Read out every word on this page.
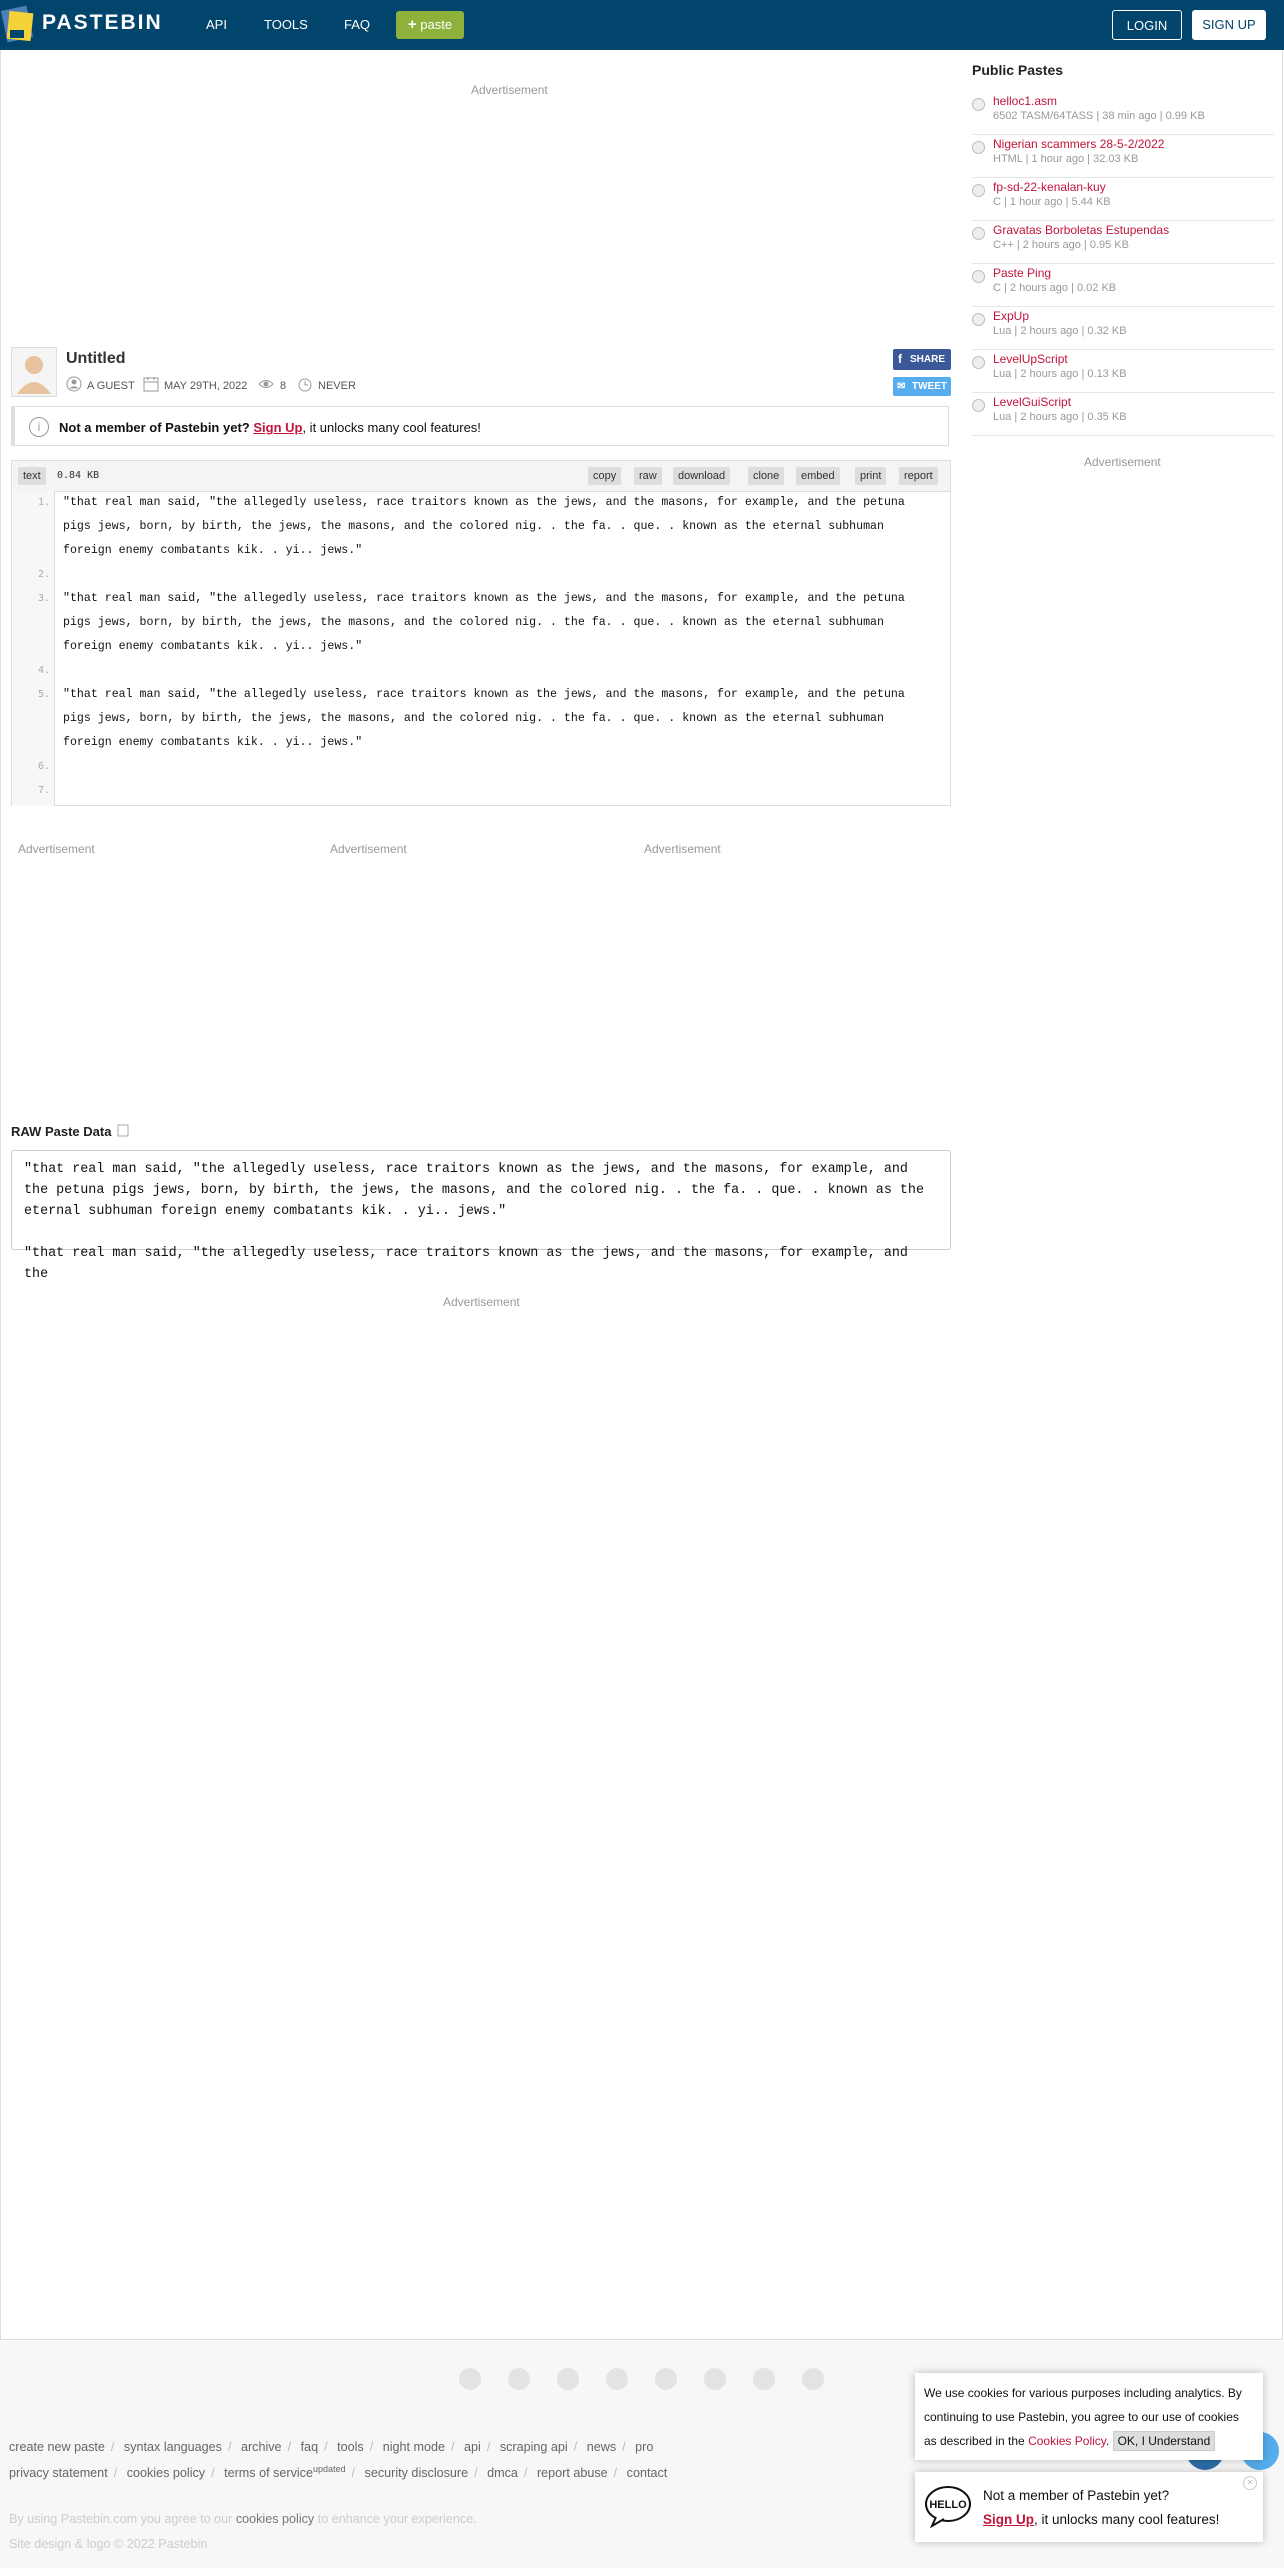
PASTEBIN	API	TOOLS	FAQ	+ paste	LOGIN	SIGN UP
Advertisement
Untitled
A GUEST	MAY 29TH, 2022	8	NEVER
f SHARE
✉ TWEET
i	Not a member of Pastebin yet? Sign Up, it unlocks many cool features!
text	0.84 KB	copy	raw	download	clone	embed	print	report
1. "that real man said, "the allegedly useless, race traitors known as the jews, and the masons, for example, and the petuna
pigs jews, born, by birth, the jews, the masons, and the colored nig. . the fa. . que. . known as the eternal subhuman
foreign enemy combatants kik. . yi.. jews."
2.
3. "that real man said, "the allegedly useless, race traitors known as the jews, and the masons, for example, and the petuna
pigs jews, born, by birth, the jews, the masons, and the colored nig. . the fa. . que. . known as the eternal subhuman
foreign enemy combatants kik. . yi.. jews."
4.
5. "that real man said, "the allegedly useless, race traitors known as the jews, and the masons, for example, and the petuna
pigs jews, born, by birth, the jews, the masons, and the colored nig. . the fa. . que. . known as the eternal subhuman
foreign enemy combatants kik. . yi.. jews."
6.
7.
Advertisement	Advertisement	Advertisement
RAW Paste Data
"that real man said, "the allegedly useless, race traitors known as the jews, and the masons, for example, and the petuna pigs jews, born, by birth, the jews, the masons, and the colored nig. . the fa. . que. . known as the eternal subhuman foreign enemy combatants kik. . yi.. jews."

"that real man said, "the allegedly useless, race traitors known as the jews, and the masons, for example, and the
Advertisement
Public Pastes
helloc1.asm
6502 TASM/64TASS | 38 min ago | 0.99 KB
Nigerian scammers 28-5-2/2022
HTML | 1 hour ago | 32.03 KB
fp-sd-22-kenalan-kuy
C | 1 hour ago | 5.44 KB
Gravatas Borboletas Estupendas
C++ | 2 hours ago | 0.95 KB
Paste Ping
C | 2 hours ago | 0.02 KB
ExpUp
Lua | 2 hours ago | 0.32 KB
LevelUpScript
Lua | 2 hours ago | 0.13 KB
LevelGuiScript
Lua | 2 hours ago | 0.35 KB
Advertisement
create new paste / syntax languages / archive / faq / tools / night mode / api / scraping api / news / pro
privacy statement / cookies policy / terms of service$^{updated}$ / security disclosure / dmca / report abuse / contact
By using Pastebin.com you agree to our cookies policy to enhance your experience.
Site design & logo © 2022 Pastebin
We use cookies for various purposes including analytics. By continuing to use Pastebin, you agree to our use of cookies as described in the Cookies Policy. OK, I Understand
HELLO
Not a member of Pastebin yet?
Sign Up, it unlocks many cool features!
×
